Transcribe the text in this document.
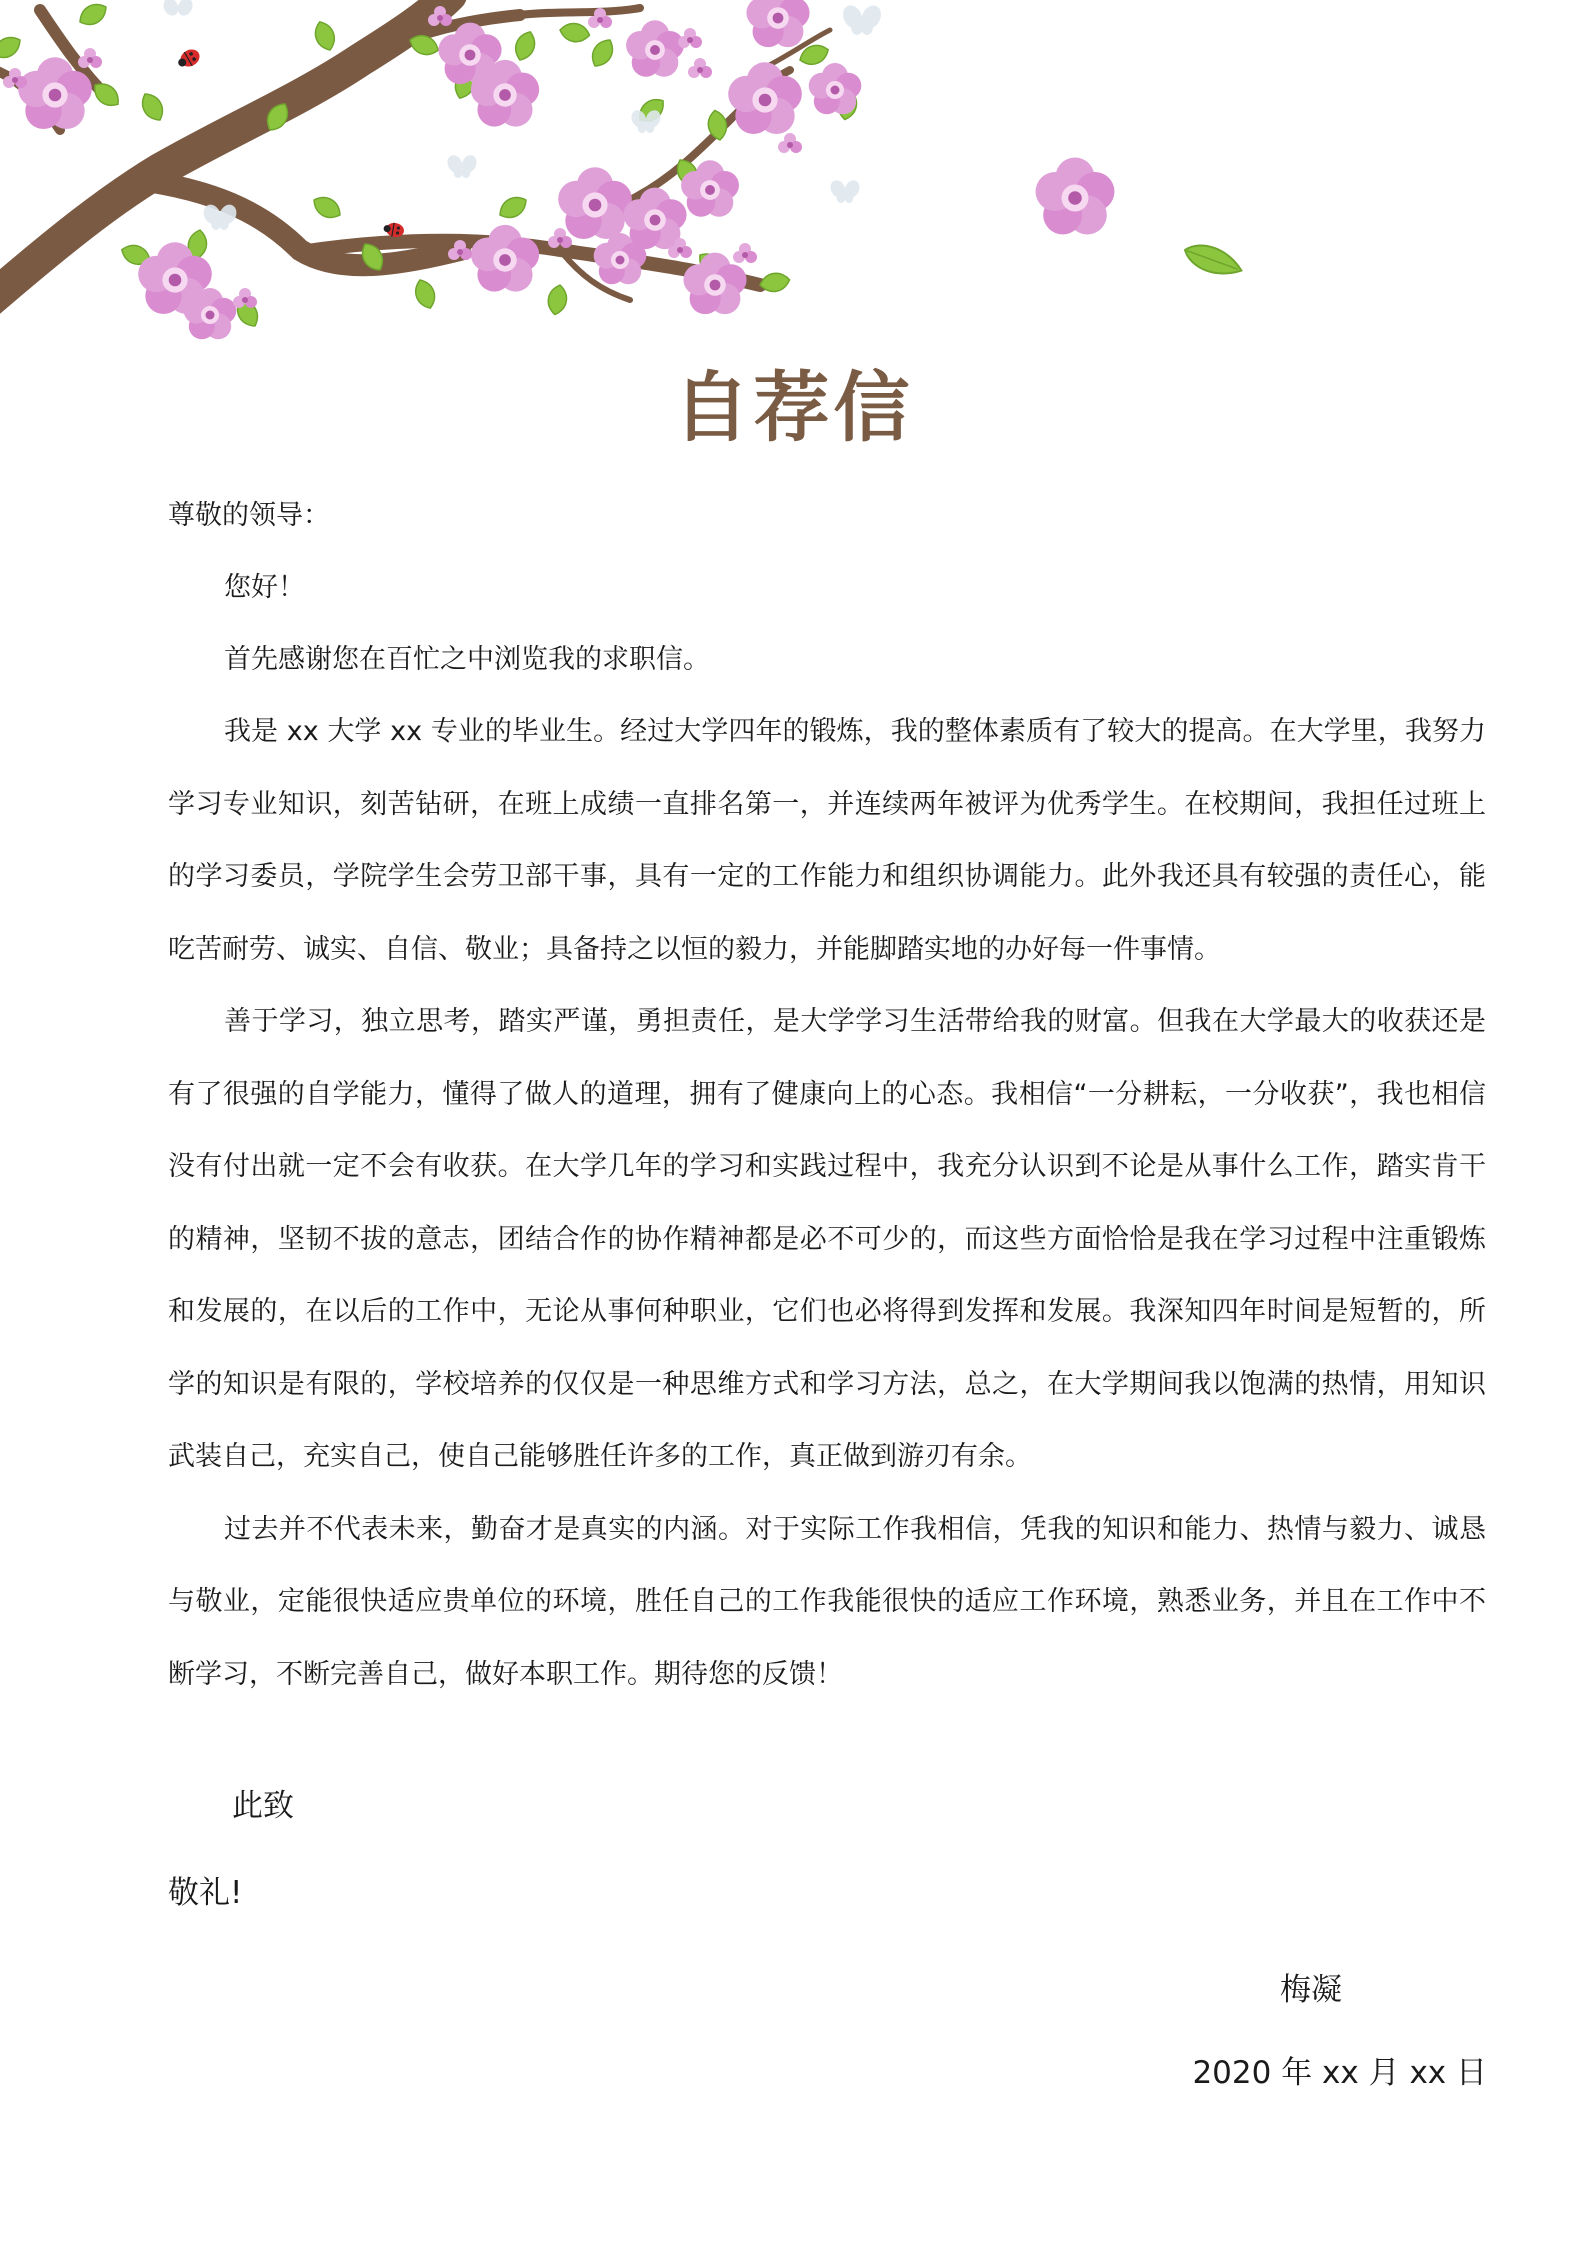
自荐信
尊敬的领导：
您好！
首先感谢您在百忙之中浏览我的求职信。

我是 xx 大学 xx 专业的毕业生。经过大学四年的锻炼，我的整体素质有了较大的提高。在大学里，我努力学习专业知识，刻苦钻研，在班上成绩一直排名第一，并连续两年被评为优秀学生。在校期间，我担任过班上的学习委员，学院学生会劳卫部干事，具有一定的工作能力和组织协调能力。此外我还具有较强的责任心，能吃苦耐劳、诚实、自信、敬业；具备持之以恒的毅力，并能脚踏实地的办好每一件事情。

善于学习，独立思考，踏实严谨，勇担责任，是大学学习生活带给我的财富。但我在大学最大的收获还是有了很强的自学能力，懂得了做人的道理，拥有了健康向上的心态。我相信“一分耕耘，一分收获”，我也相信没有付出就一定不会有收获。在大学几年的学习和实践过程中，我充分认识到不论是从事什么工作，踏实肯干的精神，坚韧不拔的意志，团结合作的协作精神都是必不可少的，而这些方面恰恰是我在学习过程中注重锻炼和发展的，在以后的工作中，无论从事何种职业，它们也必将得到发挥和发展。我深知四年时间是短暂的，所学的知识是有限的，学校培养的仅仅是一种思维方式和学习方法，总之，在大学期间我以饱满的热情，用知识武装自己，充实自己，使自己能够胜任许多的工作，真正做到游刃有余。

过去并不代表未来，勤奋才是真实的内涵。对于实际工作我相信，凭我的知识和能力、热情与毅力、诚恳与敬业，定能很快适应贵单位的环境，胜任自己的工作我能很快的适应工作环境，熟悉业务，并且在工作中不断学习，不断完善自己，做好本职工作。期待您的反馈！

此致
敬礼!
梅凝
2020 年 xx 月 xx 日
